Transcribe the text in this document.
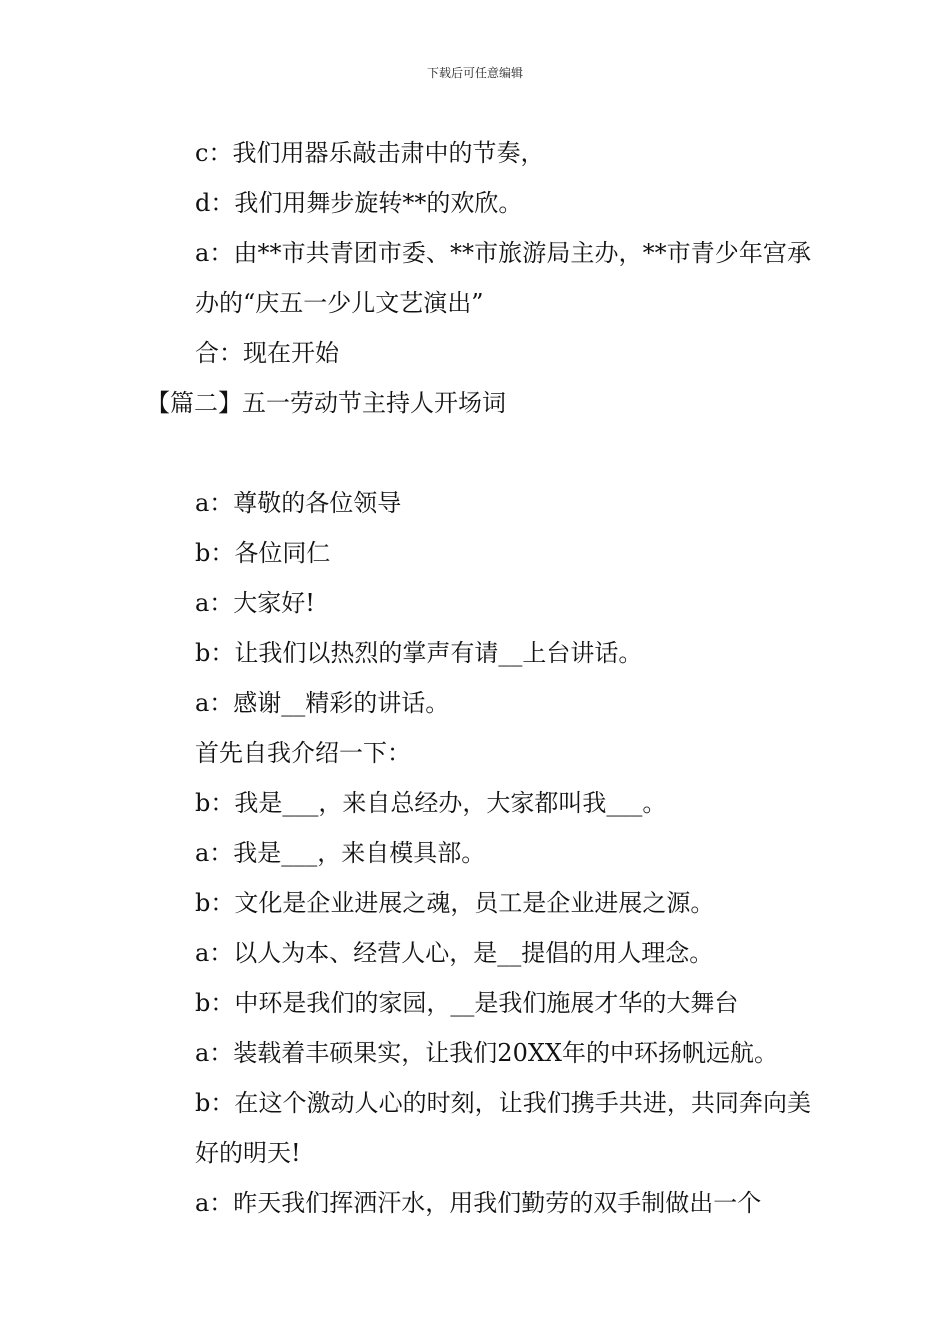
下载后可任意编辑

c：我们用器乐敲击肃中的节奏，

d：我们用舞步旋转**的欢欣。

a：由**市共青团市委、**市旅游局主办，**市青少年宫承办的“庆五一少儿文艺演出”

合：现在开始

【篇二】五一劳动节主持人开场词

a：尊敬的各位领导

b：各位同仁

a：大家好!

b：让我们以热烈的掌声有请__上台讲话。

a：感谢__精彩的讲话。

首先自我介绍一下：

b：我是___，来自总经办，大家都叫我___。

a：我是___，来自模具部。

b：文化是企业进展之魂，员工是企业进展之源。

a：以人为本、经营人心，是__提倡的用人理念。

b：中环是我们的家园，__是我们施展才华的大舞台

a：装载着丰硕果实，让我们20XX年的中环扬帆远航。

b：在这个激动人心的时刻，让我们携手共进，共同奔向美好的明天!

a：昨天我们挥洒汗水，用我们勤劳的双手制做出一个
